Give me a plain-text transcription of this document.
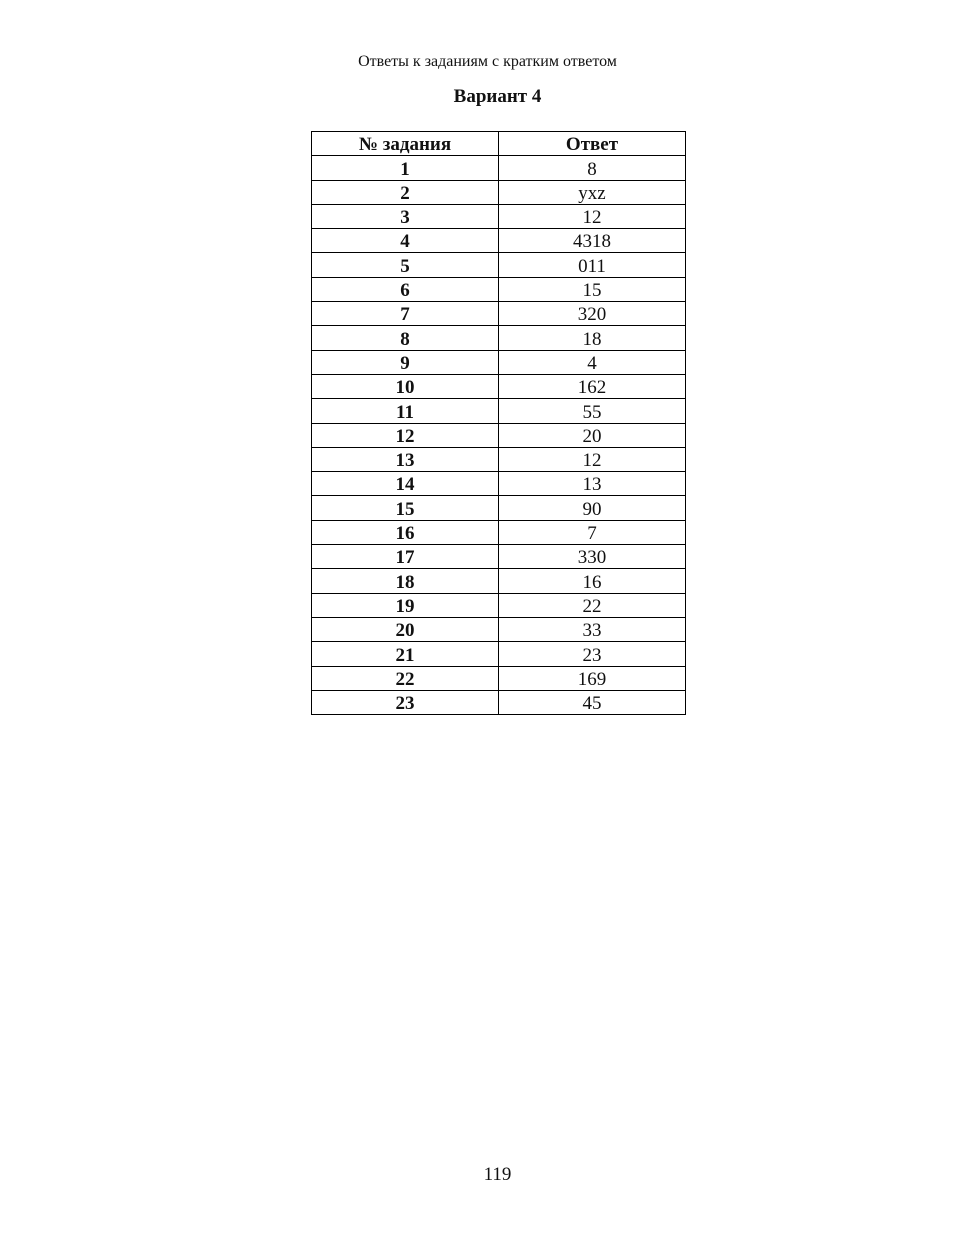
Ответы к заданиям с кратким ответом
Вариант 4
№ задания	Ответ
1	8
2	yxz
3	12
4	4318
5	011
6	15
7	320
8	18
9	4
10	162
11	55
12	20
13	12
14	13
15	90
16	7
17	330
18	16
19	22
20	33
21	23
22	169
23	45
119
